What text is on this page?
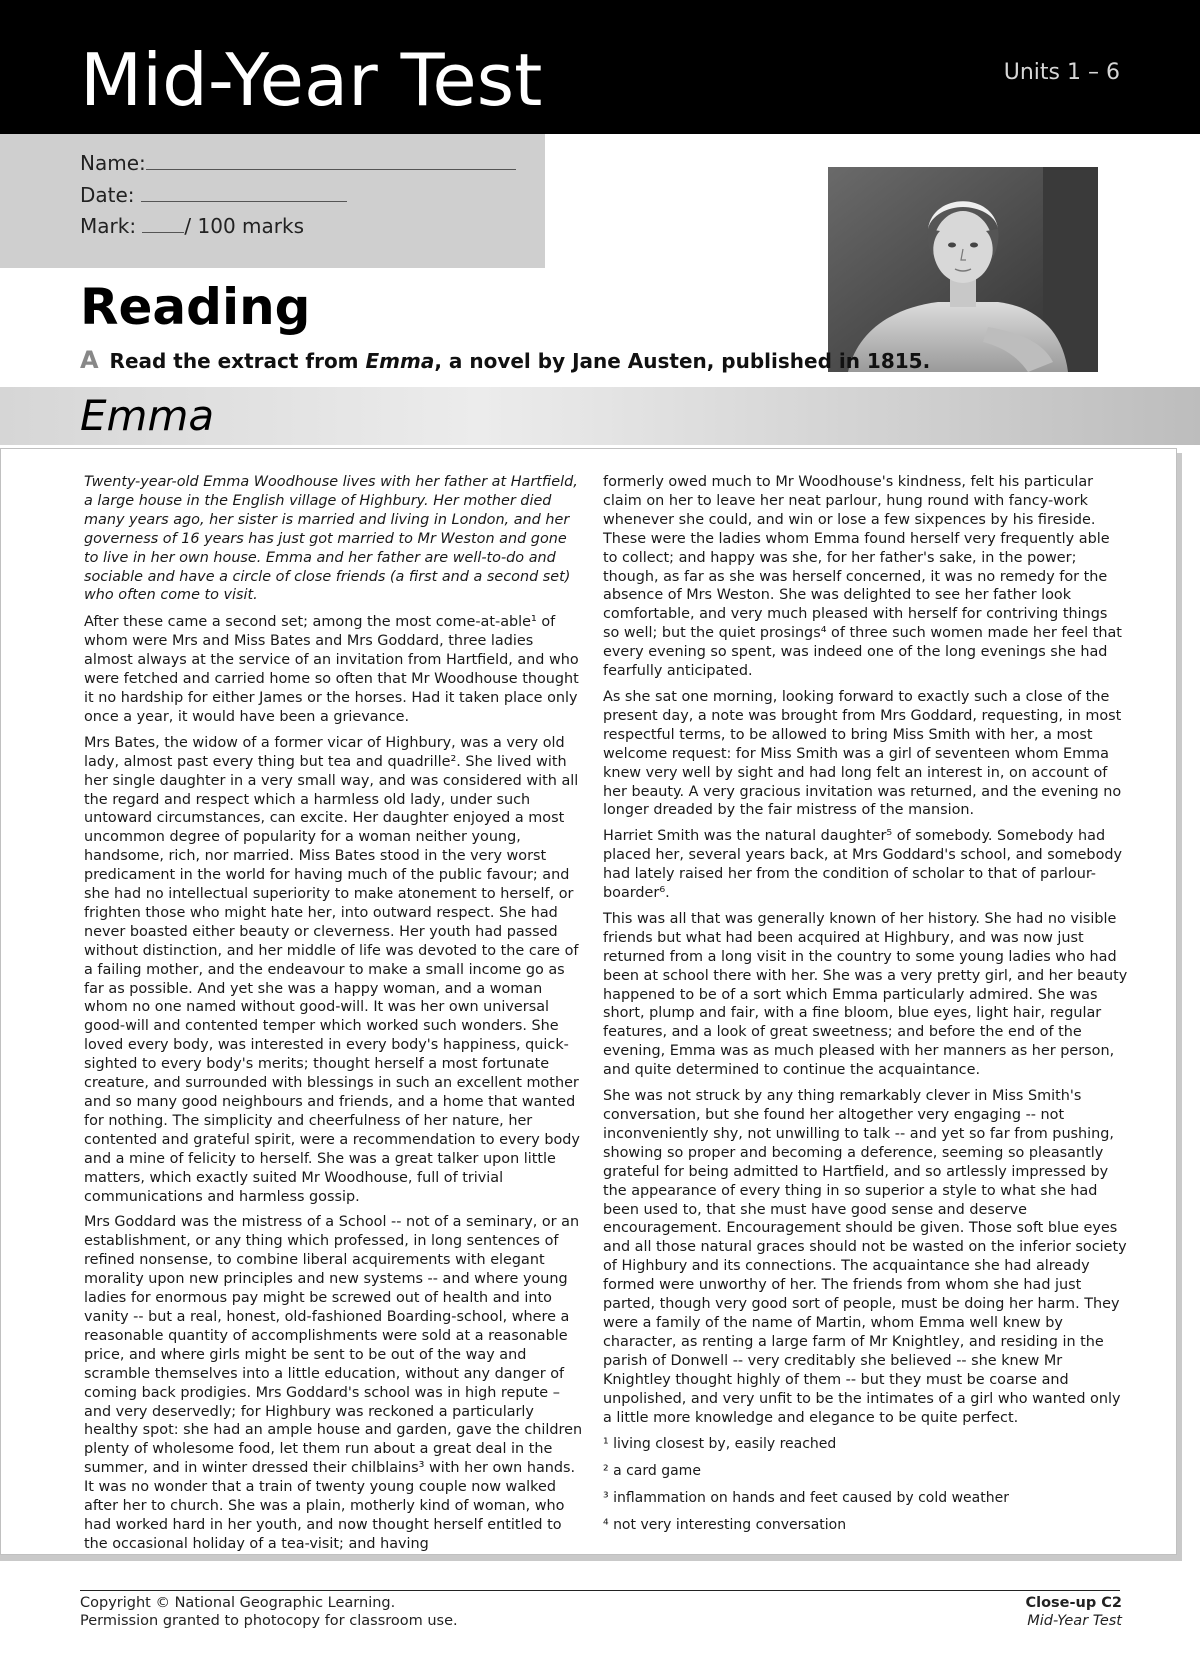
Mid-Year Test	Units 1 – 6
Name:
Date:
Mark: / 100 marks
Reading
A Read the extract from Emma, a novel by Jane Austen, published in 1815.
Emma

Twenty-year-old Emma Woodhouse lives with her father at Hartfield, a large house in the English village of Highbury. Her mother died many years ago, her sister is married and living in London, and her governess of 16 years has just got married to Mr Weston and gone to live in her own house. Emma and her father are well-to-do and sociable and have a circle of close friends (a first and a second set) who often come to visit.

After these came a second set; among the most come-at-able¹ of whom were Mrs and Miss Bates and Mrs Goddard, three ladies almost always at the service of an invitation from Hartfield, and who were fetched and carried home so often that Mr Woodhouse thought it no hardship for either James or the horses. Had it taken place only once a year, it would have been a grievance.

Mrs Bates, the widow of a former vicar of Highbury, was a very old lady, almost past every thing but tea and quadrille². She lived with her single daughter in a very small way, and was considered with all the regard and respect which a harmless old lady, under such untoward circumstances, can excite. Her daughter enjoyed a most uncommon degree of popularity for a woman neither young, handsome, rich, nor married. Miss Bates stood in the very worst predicament in the world for having much of the public favour; and she had no intellectual superiority to make atonement to herself, or frighten those who might hate her, into outward respect. She had never boasted either beauty or cleverness. Her youth had passed without distinction, and her middle of life was devoted to the care of a failing mother, and the endeavour to make a small income go as far as possible. And yet she was a happy woman, and a woman whom no one named without good-will. It was her own universal good-will and contented temper which worked such wonders. She loved every body, was interested in every body's happiness, quick-sighted to every body's merits; thought herself a most fortunate creature, and surrounded with blessings in such an excellent mother and so many good neighbours and friends, and a home that wanted for nothing. The simplicity and cheerfulness of her nature, her contented and grateful spirit, were a recommendation to every body and a mine of felicity to herself. She was a great talker upon little matters, which exactly suited Mr Woodhouse, full of trivial communications and harmless gossip.

Mrs Goddard was the mistress of a School -- not of a seminary, or an establishment, or any thing which professed, in long sentences of refined nonsense, to combine liberal acquirements with elegant morality upon new principles and new systems -- and where young ladies for enormous pay might be screwed out of health and into vanity -- but a real, honest, old-fashioned Boarding-school, where a reasonable quantity of accomplishments were sold at a reasonable price, and where girls might be sent to be out of the way and scramble themselves into a little education, without any danger of coming back prodigies. Mrs Goddard's school was in high repute – and very deservedly; for Highbury was reckoned a particularly healthy spot: she had an ample house and garden, gave the children plenty of wholesome food, let them run about a great deal in the summer, and in winter dressed their chilblains³ with her own hands. It was no wonder that a train of twenty young couple now walked after her to church. She was a plain, motherly kind of woman, who had worked hard in her youth, and now thought herself entitled to the occasional holiday of a tea-visit; and having

formerly owed much to Mr Woodhouse's kindness, felt his particular claim on her to leave her neat parlour, hung round with fancy-work whenever she could, and win or lose a few sixpences by his fireside. These were the ladies whom Emma found herself very frequently able to collect; and happy was she, for her father's sake, in the power; though, as far as she was herself concerned, it was no remedy for the absence of Mrs Weston. She was delighted to see her father look comfortable, and very much pleased with herself for contriving things so well; but the quiet prosings⁴ of three such women made her feel that every evening so spent, was indeed one of the long evenings she had fearfully anticipated.

As she sat one morning, looking forward to exactly such a close of the present day, a note was brought from Mrs Goddard, requesting, in most respectful terms, to be allowed to bring Miss Smith with her, a most welcome request: for Miss Smith was a girl of seventeen whom Emma knew very well by sight and had long felt an interest in, on account of her beauty. A very gracious invitation was returned, and the evening no longer dreaded by the fair mistress of the mansion.

Harriet Smith was the natural daughter⁵ of somebody. Somebody had placed her, several years back, at Mrs Goddard's school, and somebody had lately raised her from the condition of scholar to that of parlour-boarder⁶.

This was all that was generally known of her history. She had no visible friends but what had been acquired at Highbury, and was now just returned from a long visit in the country to some young ladies who had been at school there with her. She was a very pretty girl, and her beauty happened to be of a sort which Emma particularly admired. She was short, plump and fair, with a fine bloom, blue eyes, light hair, regular features, and a look of great sweetness; and before the end of the evening, Emma was as much pleased with her manners as her person, and quite determined to continue the acquaintance.

She was not struck by any thing remarkably clever in Miss Smith's conversation, but she found her altogether very engaging -- not inconveniently shy, not unwilling to talk -- and yet so far from pushing, showing so proper and becoming a deference, seeming so pleasantly grateful for being admitted to Hartfield, and so artlessly impressed by the appearance of every thing in so superior a style to what she had been used to, that she must have good sense and deserve encouragement. Encouragement should be given. Those soft blue eyes and all those natural graces should not be wasted on the inferior society of Highbury and its connections. The acquaintance she had already formed were unworthy of her. The friends from whom she had just parted, though very good sort of people, must be doing her harm. They were a family of the name of Martin, whom Emma well knew by character, as renting a large farm of Mr Knightley, and residing in the parish of Donwell -- very creditably she believed -- she knew Mr Knightley thought highly of them -- but they must be coarse and unpolished, and very unfit to be the intimates of a girl who wanted only a little more knowledge and elegance to be quite perfect.

¹ living closest by, easily reached

² a card game

³ inflammation on hands and feet caused by cold weather

⁴ not very interesting conversation

Copyright © National Geographic Learning.
Permission granted to photocopy for classroom use.
Close-up C2
Mid-Year Test
